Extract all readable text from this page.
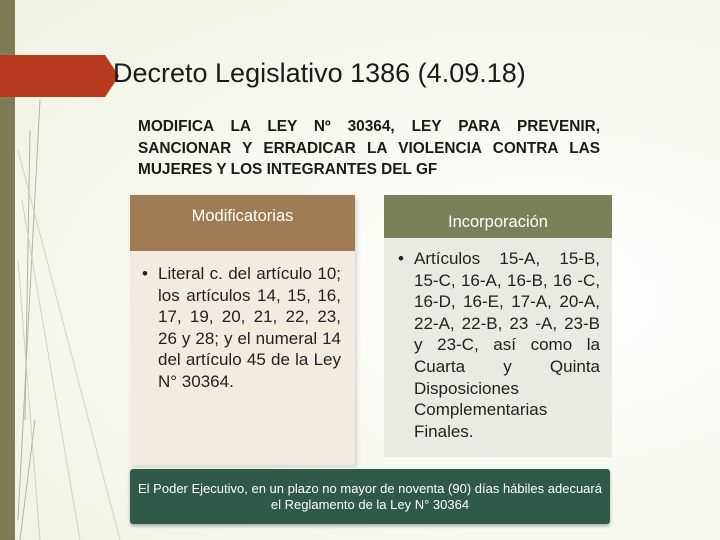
Decreto Legislativo 1386 (4.09.18)
MODIFICA LA LEY Nº 30364, LEY PARA PREVENIR, SANCIONAR Y ERRADICAR LA VIOLENCIA CONTRA LAS MUJERES Y LOS INTEGRANTES DEL GF
Modificatorias
• Literal c. del artículo 10; los artículos 14, 15, 16, 17, 19, 20, 21, 22, 23, 26 y 28; y el numeral 14 del artículo 45 de la Ley N° 30364.
Incorporación
• Artículos 15-A, 15-B, 15-C, 16-A, 16-B, 16 -C, 16-D, 16-E, 17-A, 20-A, 22-A, 22-B, 23 -A, 23-B y 23-C, así como la Cuarta y Quinta Disposiciones Complementarias Finales.
El Poder Ejecutivo, en un plazo no mayor de noventa (90) días hábiles adecuará el Reglamento de la Ley N° 30364
